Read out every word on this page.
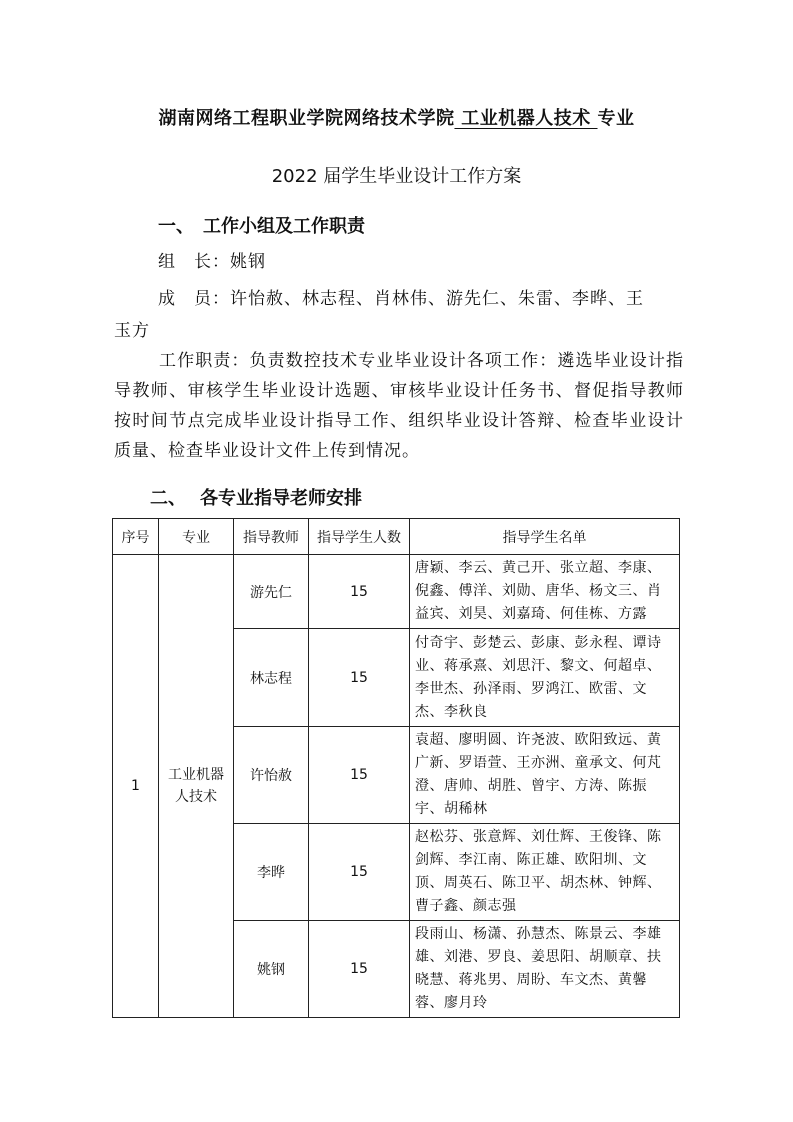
湖南网络工程职业学院网络技术学院 工业机器人技术 专业
2022 届学生毕业设计工作方案
一、 工作小组及工作职责
组　长：姚钢
成　员：许怡赦、林志程、肖林伟、游先仁、朱雷、李晔、王
玉方
工作职责：负责数控技术专业毕业设计各项工作：遴选毕业设计指导教师、审核学生毕业设计选题、审核毕业设计任务书、督促指导教师按时间节点完成毕业设计指导工作、组织毕业设计答辩、检查毕业设计质量、检查毕业设计文件上传到情况。
二、 各专业指导老师安排
序号	专业	指导教师	指导学生人数	指导学生名单
1	工业机器人技术	游先仁	15	唐颖、李云、黄己开、张立超、李康、倪鑫、傅洋、刘勋、唐华、杨文三、肖益宾、刘昊、刘嘉琦、何佳栋、方露
		林志程	15	付奇宇、彭楚云、彭康、彭永程、谭诗业、蒋承熹、刘思汗、黎文、何超卓、李世杰、孙泽雨、罗鸿江、欧雷、文杰、李秋良
		许怡赦	15	袁超、廖明圆、许尧波、欧阳致远、黄广新、罗语萱、王亦洲、童承文、何芃澄、唐帅、胡胜、曾宇、方涛、陈振宇、胡稀林
		李晔	15	赵松芬、张意辉、刘仕辉、王俊锋、陈剑辉、李江南、陈正雄、欧阳圳、文顶、周英石、陈卫平、胡杰林、钟辉、曹子鑫、颜志强
		姚钢	15	段雨山、杨潇、孙慧杰、陈景云、李雄雄、刘港、罗良、姜思阳、胡顺章、扶晓慧、蒋兆男、周盼、车文杰、黄馨蓉、廖月玲
